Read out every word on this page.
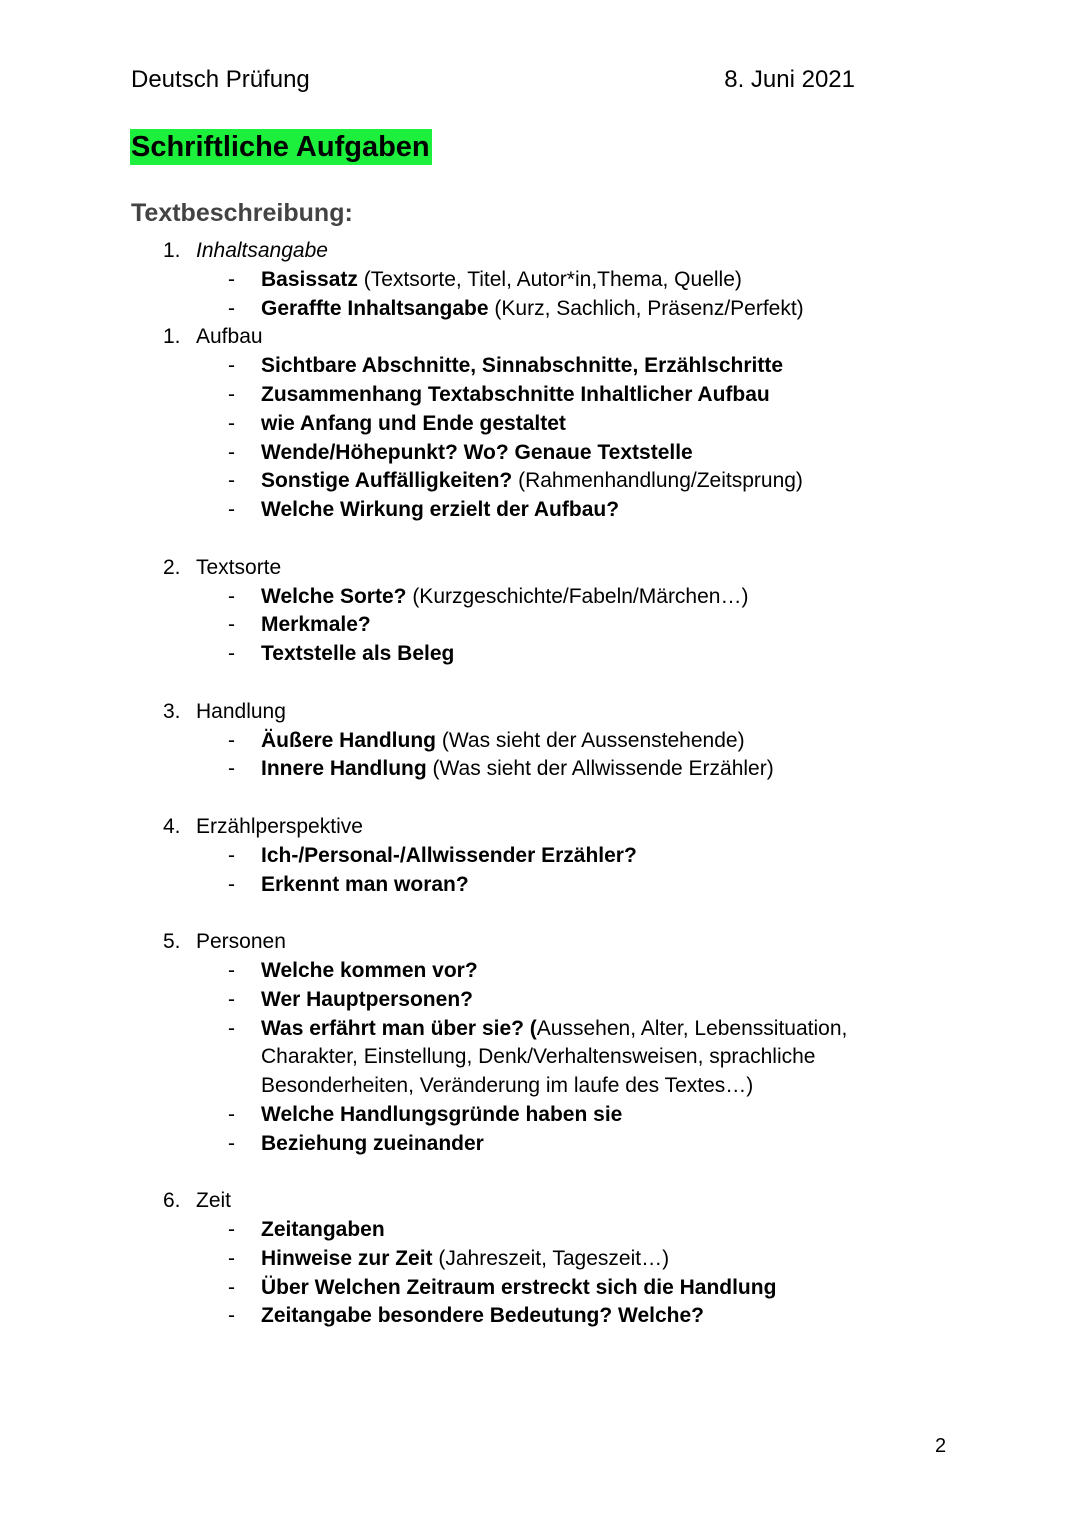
Deutsch Prüfung	8. Juni 2021
Schriftliche Aufgaben
Textbeschreibung:
1. Inhaltsangabe
- Basissatz (Textsorte, Titel, Autor*in,Thema, Quelle)
- Geraffte Inhaltsangabe (Kurz, Sachlich, Präsenz/Perfekt)
1. Aufbau
- Sichtbare Abschnitte, Sinnabschnitte, Erzählschritte
- Zusammenhang Textabschnitte Inhaltlicher Aufbau
- wie Anfang und Ende gestaltet
- Wende/Höhepunkt? Wo? Genaue Textstelle
- Sonstige Auffälligkeiten? (Rahmenhandlung/Zeitsprung)
- Welche Wirkung erzielt der Aufbau?
2. Textsorte
- Welche Sorte? (Kurzgeschichte/Fabeln/Märchen…)
- Merkmale?
- Textstelle als Beleg
3. Handlung
- Äußere Handlung (Was sieht der Aussenstehende)
- Innere Handlung (Was sieht der Allwissende Erzähler)
4. Erzählperspektive
- Ich-/Personal-/Allwissender Erzähler?
- Erkennt man woran?
5. Personen
- Welche kommen vor?
- Wer Hauptpersonen?
- Was erfährt man über sie? (Aussehen, Alter, Lebenssituation,
Charakter, Einstellung, Denk/Verhaltensweisen, sprachliche
Besonderheiten, Veränderung im laufe des Textes…)
- Welche Handlungsgründe haben sie
- Beziehung zueinander
6. Zeit
- Zeitangaben
- Hinweise zur Zeit (Jahreszeit, Tageszeit…)
- Über Welchen Zeitraum erstreckt sich die Handlung
- Zeitangabe besondere Bedeutung? Welche?
2
